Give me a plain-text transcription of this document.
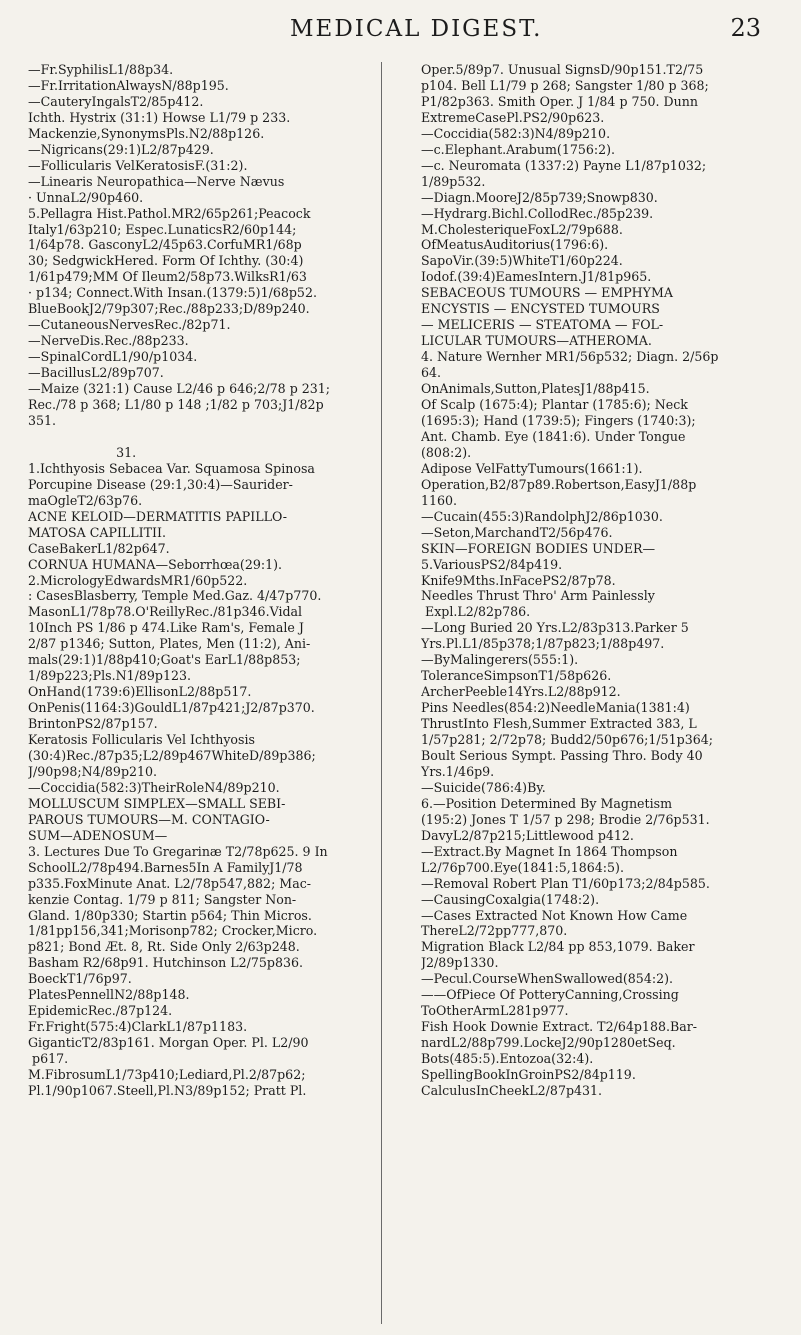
MEDICAL DIGEST.	23
—Fr.SyphilisL1/88p34.
—Fr.IrritationAlwaysN/88p195.
—CauteryIngalsT2/85p412.
Ichth. Hystrix (31:1) Howse L1/79 p 233.
Mackenzie,SynonymsPls.N2/88p126.
—Nigricans(29:1)L2/87p429.
—Follicularis VelKeratosisF.(31:2).
—Linearis Neuropathica—Nerve Nævus
· UnnaL2/90p460.
5.Pellagra Hist.Pathol.MR2/65p261;Peacock
Italy1/63p210; Espec.LunaticsR2/60p144;
1/64p78. GasconyL2/45p63.CorfuMR1/68p
30; SedgwickHered. Form Of Ichthy. (30:4)
1/61p479;MM Of Ileum2/58p73.WilksR1/63
· p134; Connect.With Insan.(1379:5)1/68p52.
BlueBookJ2/79p307;Rec./88p233;D/89p240.
—CutaneousNervesRec./82p71.
—NerveDis.Rec./88p233.
—SpinalCordL1/90/p1034.
—BacillusL2/89p707.
—Maize (321:1) Cause L2/46 p 646;2/78 p 231;
Rec./78 p 368; L1/80 p 148 ;1/82 p 703;J1/82p
351.

31.
1.Ichthyosis Sebacea Var. Squamosa Spinosa
Porcupine Disease (29:1,30:4)—Saurider-
maOgleT2/63p76.
ACNE KELOID—DERMATITIS PAPILLO-
MATOSA CAPILLITII.
CaseBakerL1/82p647.
CORNUA HUMANA—Seborrhœa(29:1).
2.MicrologyEdwardsMR1/60p522.
: CasesBlasberry, Temple Med.Gaz. 4/47p770.
MasonL1/78p78.O'ReillyRec./81p346.Vidal
10Inch PS 1/86 p 474.Like Ram's, Female J
2/87 p1346; Sutton, Plates, Men (11:2), Ani-
mals(29:1)1/88p410;Goat's EarL1/88p853;
1/89p223;Pls.N1/89p123.
OnHand(1739:6)EllisonL2/88p517.
OnPenis(1164:3)GouldL1/87p421;J2/87p370.
BrintonPS2/87p157.
Keratosis Follicularis Vel Ichthyosis
(30:4)Rec./87p35;L2/89p467WhiteD/89p386;
J/90p98;N4/89p210.
—Coccidia(582:3)TheirRoleN4/89p210.
MOLLUSCUM SIMPLEX—SMALL SEBI-
PAROUS TUMOURS—M. CONTAGIO-
SUM—ADENOSUM—
3. Lectures Due To Gregarinæ T2/78p625. 9 In
SchoolL2/78p494.Barnes5In A FamilyJ1/78
p335.FoxMinute Anat. L2/78p547,882; Mac-
kenzie Contag. 1/79 p 811; Sangster Non-
Gland. 1/80p330; Startin p564; Thin Micros.
1/81pp156,341;Morisonp782; Crocker,Micro.
p821; Bond Æt. 8, Rt. Side Only 2/63p248.
Basham R2/68p91. Hutchinson L2/75p836.
BoeckT1/76p97.
PlatesPennellN2/88p148.
EpidemicRec./87p124.
Fr.Fright(575:4)ClarkL1/87p1183.
GiganticT2/83p161. Morgan Oper. Pl. L2/90
p617.
M.FibrosumL1/73p410;Lediard,Pl.2/87p62;
Pl.1/90p1067.Steell,Pl.N3/89p152; Pratt Pl.
Oper.5/89p7. Unusual SignsD/90p151.T2/75
p104. Bell L1/79 p 268; Sangster 1/80 p 368;
P1/82p363. Smith Oper. J 1/84 p 750. Dunn
ExtremeCasePl.PS2/90p623.
—Coccidia(582:3)N4/89p210.
—c.Elephant.Arabum(1756:2).
—c. Neuromata (1337:2) Payne L1/87p1032;
1/89p532.
—Diagn.MooreJ2/85p739;Snowp830.
—Hydrarg.Bichl.CollodRec./85p239.
M.CholesteriqueFoxL2/79p688.
OfMeatusAuditorius(1796:6).
SapoVir.(39:5)WhiteT1/60p224.
Iodof.(39:4)EamesIntern.J1/81p965.
SEBACEOUS TUMOURS — EMPHYMA
ENCYSTIS — ENCYSTED TUMOURS
— MELICERIS — STEATOMA — FOL-
LICULAR TUMOURS—ATHEROMA.
4. Nature Wernher MR1/56p532; Diagn. 2/56p
64.
OnAnimals,Sutton,PlatesJ1/88p415.
Of Scalp (1675:4); Plantar (1785:6); Neck
(1695:3); Hand (1739:5); Fingers (1740:3);
Ant. Chamb. Eye (1841:6). Under Tongue
(808:2).
Adipose VelFattyTumours(1661:1).
Operation,B2/87p89.Robertson,EasyJ1/88p
1160.
—Cucain(455:3)RandolphJ2/86p1030.
—Seton,MarchandT2/56p476.
SKIN—FOREIGN BODIES UNDER—
5.VariousPS2/84p419.
Knife9Mths.InFacePS2/87p78.
Needles Thrust Thro' Arm Painlessly
Expl.L2/82p786.
—Long Buried 20 Yrs.L2/83p313.Parker 5
Yrs.Pl.L1/85p378;1/87p823;1/88p497.
—ByMalingerers(555:1).
ToleranceSimpsonT1/58p626.
ArcherPeeble14Yrs.L2/88p912.
Pins Needles(854:2)NeedleMania(1381:4)
ThrustInto Flesh,Summer Extracted 383, L
1/57p281; 2/72p78; Budd2/50p676;1/51p364;
Boult Serious Sympt. Passing Thro. Body 40
Yrs.1/46p9.
—Suicide(786:4)By.
6.—Position Determined By Magnetism
(195:2) Jones T 1/57 p 298; Brodie 2/76p531.
DavyL2/87p215;Littlewood p412.
—Extract.By Magnet In 1864 Thompson
L2/76p700.Eye(1841:5,1864:5).
—Removal Robert Plan T1/60p173;2/84p585.
—CausingCoxalgia(1748:2).
—Cases Extracted Not Known How Came
ThereL2/72pp777,870.
Migration Black L2/84 pp 853,1079. Baker
J2/89p1330.
—Pecul.CourseWhenSwallowed(854:2).
——OfPiece Of PotteryCanning,Crossing
ToOtherArmL281p977.
Fish Hook Downie Extract. T2/64p188.Bar-
nardL2/88p799.LockeJ2/90p1280etSeq.
Bots(485:5).Entozoa(32:4).
SpellingBookInGroinPS2/84p119.
CalculusInCheekL2/87p431.
